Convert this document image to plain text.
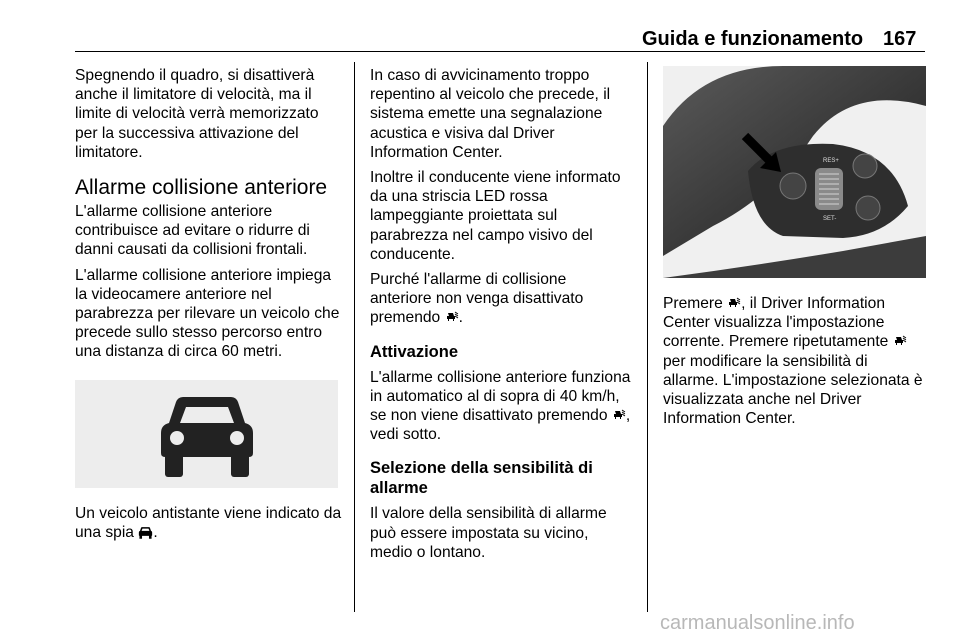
Guida e funzionamento 167

Spegnendo il quadro, si disattiverà anche il limitatore di velocità, ma il limite di velocità verrà memorizzato per la successiva attivazione del limitatore.

Allarme collisione anteriore

L'allarme collisione anteriore contribuisce ad evitare o ridurre di danni causati da collisioni frontali.

L'allarme collisione anteriore impiega la videocamere anteriore nel parabrezza per rilevare un veicolo che precede sullo stesso percorso entro una distanza di circa 60 metri.

Un veicolo antistante viene indicato da una spia .

In caso di avvicinamento troppo repentino al veicolo che precede, il sistema emette una segnalazione acustica e visiva dal Driver Information Center.

Inoltre il conducente viene informato da una striscia LED rossa lampeggiante proiettata sul parabrezza nel campo visivo del conducente.

Purché l'allarme di collisione anteriore non venga disattivato premendo .

Attivazione

L'allarme collisione anteriore funziona in automatico al di sopra di 40 km/h, se non viene disattivato premendo , vedi sotto.

Selezione della sensibilità di allarme

Il valore della sensibilità di allarme può essere impostata su vicino, medio o lontano.

RES+
SET-

Premere , il Driver Information Center visualizza l'impostazione corrente. Premere ripetutamente  per modificare la sensibilità di allarme. L'impostazione selezionata è visualizzata anche nel Driver Information Center.

carmanualsonline.info
